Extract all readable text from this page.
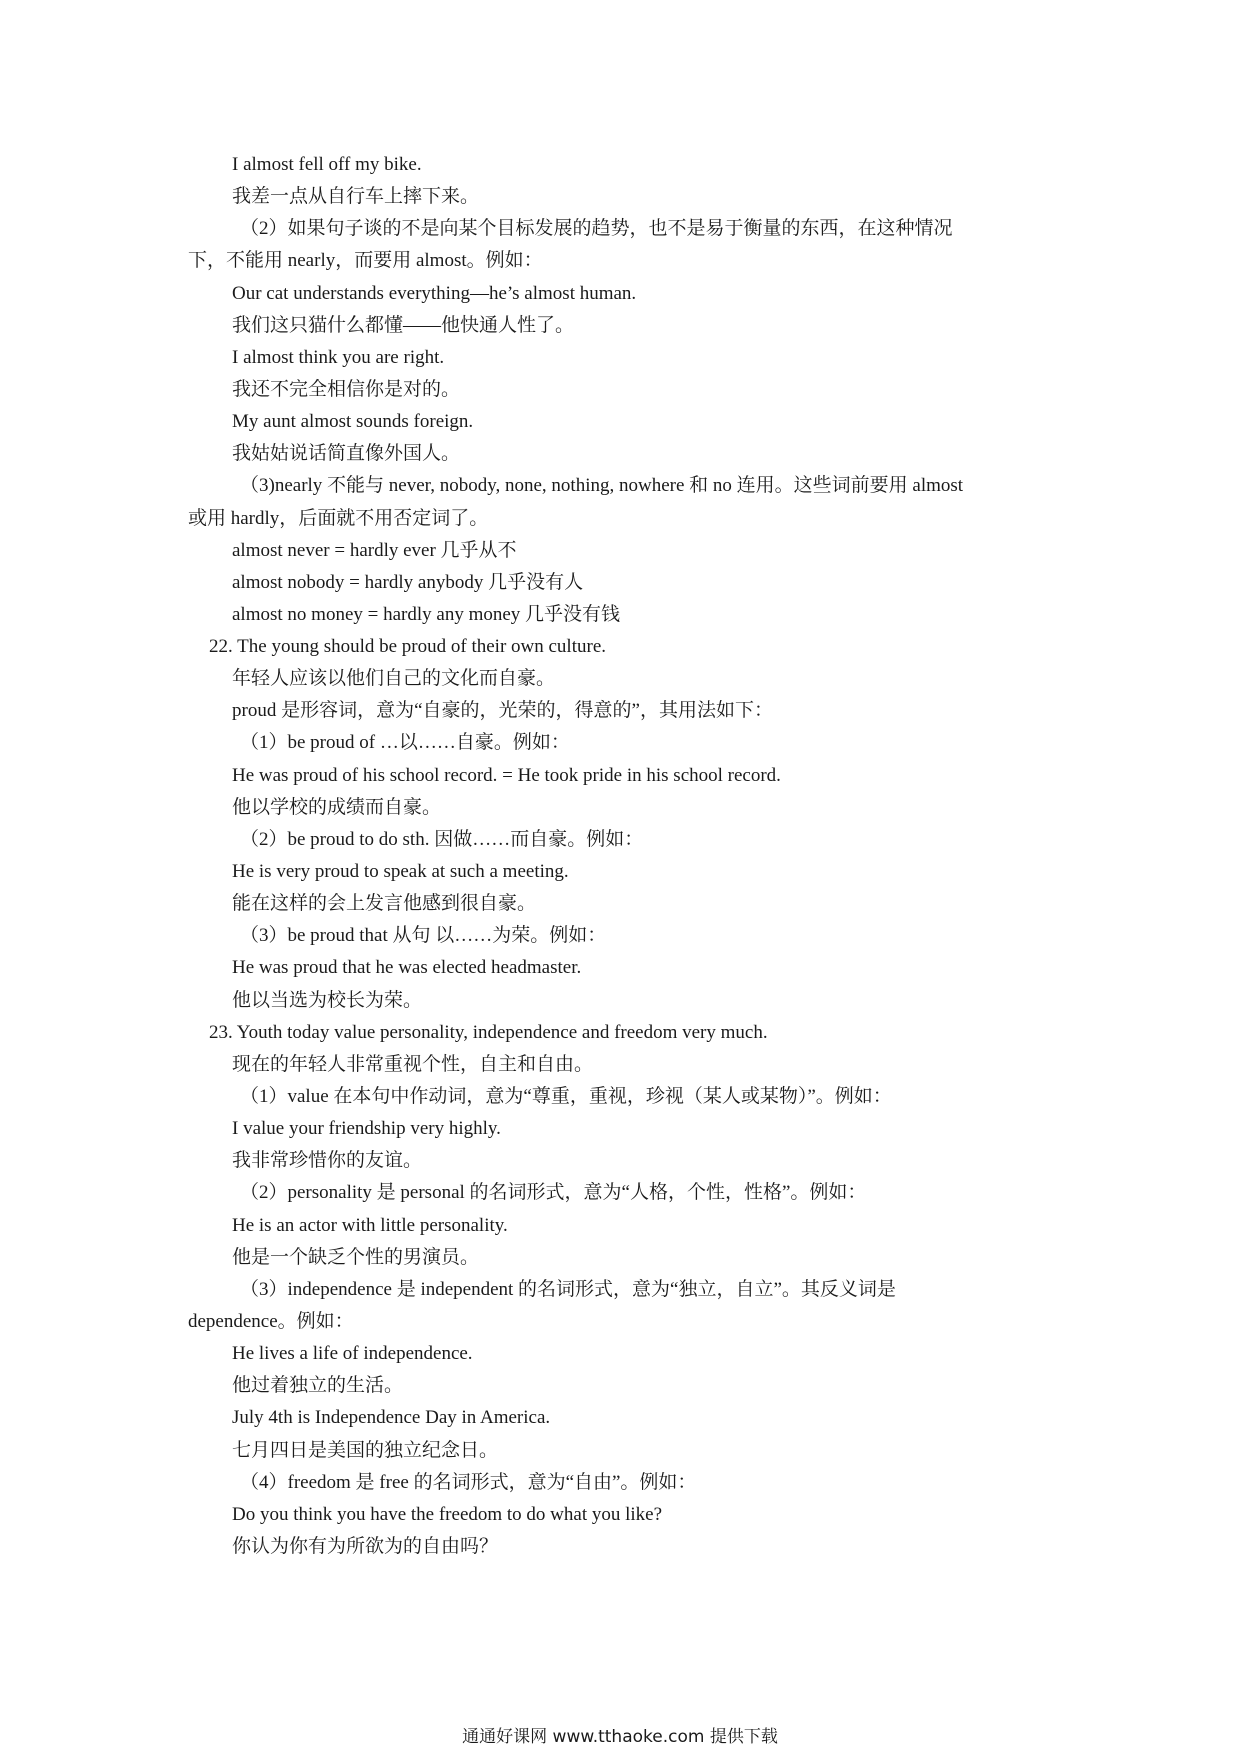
I almost fell off my bike.

我差一点从自行车上摔下来。

（2）如果句子谈的不是向某个目标发展的趋势，也不是易于衡量的东西，在这种情况

下，不能用 nearly，而要用 almost。例如：

Our cat understands everything—he’s almost human.

我们这只猫什么都懂——他快通人性了。

I almost think you are right.

我还不完全相信你是对的。

My aunt almost sounds foreign.

我姑姑说话简直像外国人。

（3)nearly 不能与 never, nobody, none, nothing, nowhere 和 no 连用。这些词前要用 almost

或用 hardly，后面就不用否定词了。

almost never = hardly ever 几乎从不

almost nobody = hardly anybody 几乎没有人

almost no money = hardly any money 几乎没有钱

22. The young should be proud of their own culture.

年轻人应该以他们自己的文化而自豪。

proud 是形容词，意为“自豪的，光荣的，得意的”，其用法如下：

（1）be proud of …以……自豪。例如：

He was proud of his school record. = He took pride in his school record.

他以学校的成绩而自豪。

（2）be proud to do sth. 因做……而自豪。例如：

He is very proud to speak at such a meeting.

能在这样的会上发言他感到很自豪。

（3）be proud that 从句 以……为荣。例如：

He was proud that he was elected headmaster.

他以当选为校长为荣。

23. Youth today value personality, independence and freedom very much.

现在的年轻人非常重视个性，自主和自由。

（1）value 在本句中作动词，意为“尊重，重视，珍视（某人或某物）”。例如：

I value your friendship very highly.

我非常珍惜你的友谊。

（2）personality 是 personal 的名词形式，意为“人格，个性，性格”。例如：

He is an actor with little personality.

他是一个缺乏个性的男演员。

（3）independence 是 independent 的名词形式，意为“独立，自立”。其反义词是

dependence。例如：

He lives a life of independence.

他过着独立的生活。

July 4th is Independence Day in America.

七月四日是美国的独立纪念日。

（4）freedom 是 free 的名词形式，意为“自由”。例如：

Do you think you have the freedom to do what you like?

你认为你有为所欲为的自由吗？

通通好课网 www.tthaoke.com 提供下载
